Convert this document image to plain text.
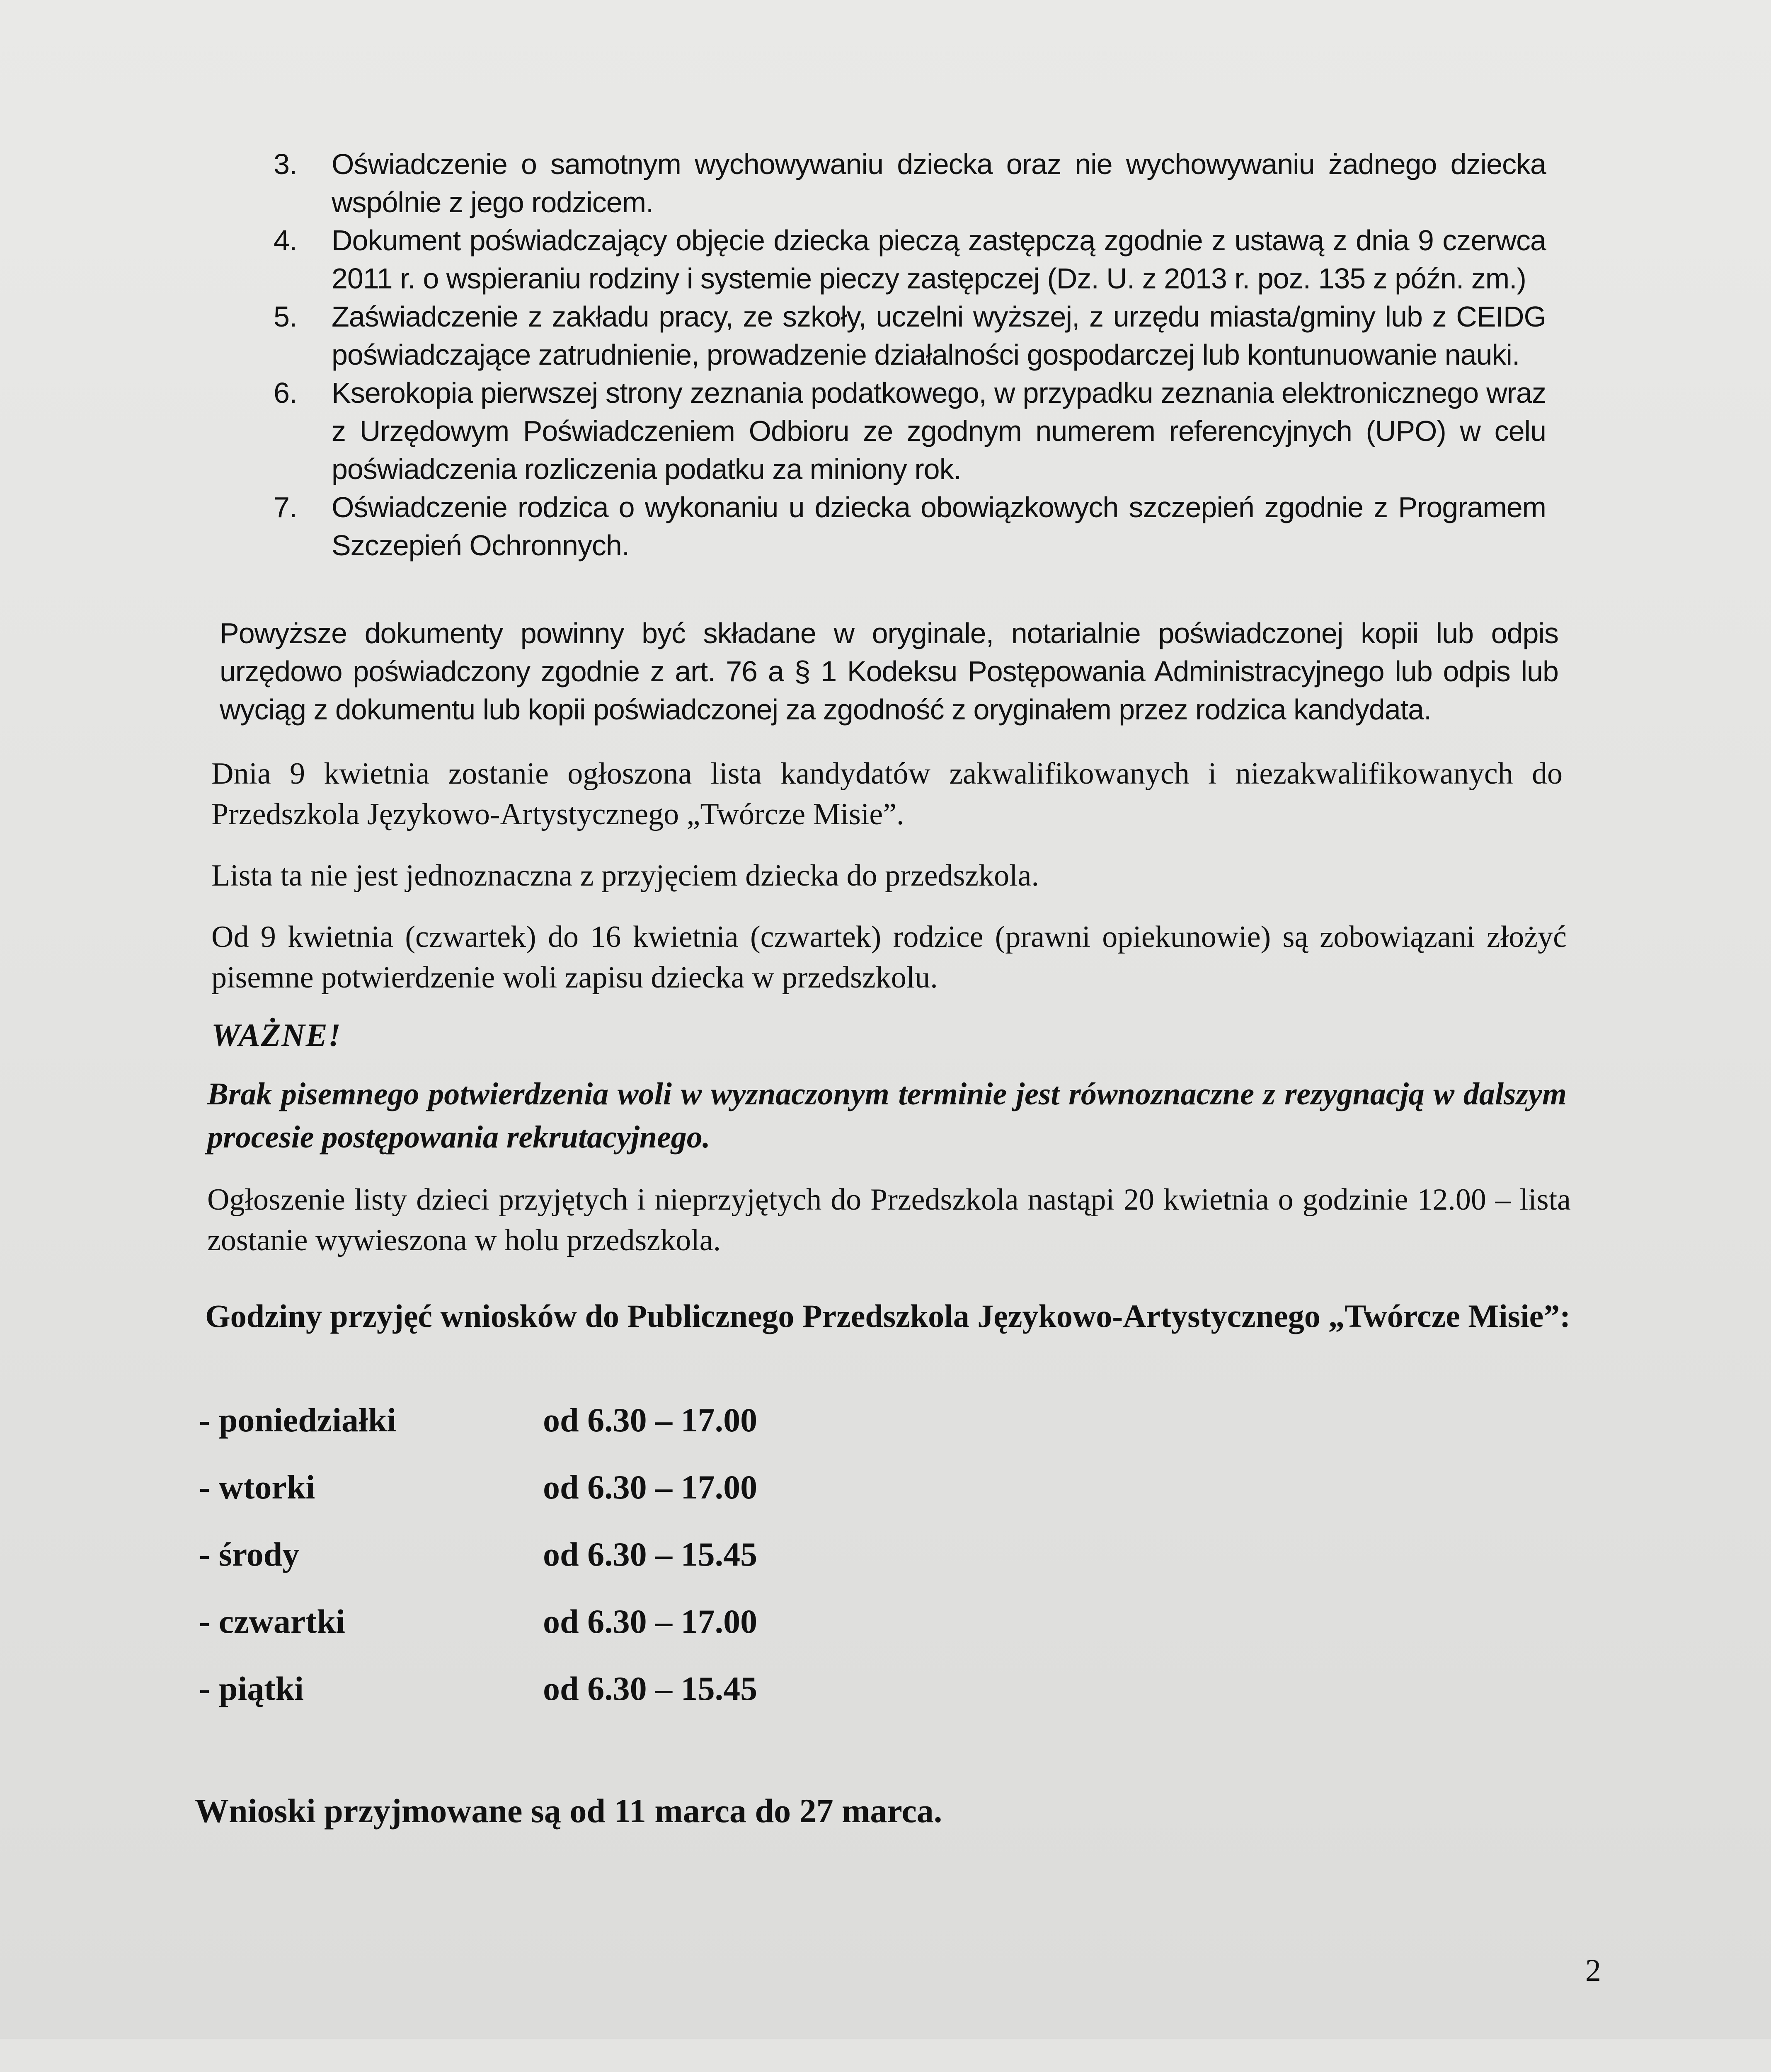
3.	Oświadczenie o samotnym wychowywaniu dziecka oraz nie wychowywaniu żadnego dziecka wspólnie z jego rodzicem.
4.	Dokument poświadczający objęcie dziecka pieczą zastępczą zgodnie z ustawą z dnia 9 czerwca 2011 r. o wspieraniu rodziny i systemie pieczy zastępczej (Dz. U. z 2013 r. poz. 135 z późn. zm.)
5.	Zaświadczenie z zakładu pracy, ze szkoły, uczelni wyższej, z urzędu miasta/gminy lub z CEIDG poświadczające zatrudnienie, prowadzenie działalności gospodarczej lub kontunuowanie nauki.
6.	Kserokopia pierwszej strony zeznania podatkowego, w przypadku zeznania elektronicznego wraz z Urzędowym Poświadczeniem Odbioru ze zgodnym numerem referencyjnych (UPO) w celu poświadczenia rozliczenia podatku za miniony rok.
7.	Oświadczenie rodzica o wykonaniu u dziecka obowiązkowych szczepień zgodnie z Programem Szczepień Ochronnych.

Powyższe dokumenty powinny być składane w oryginale, notarialnie poświadczonej kopii lub odpis urzędowo poświadczony zgodnie z art. 76 a § 1 Kodeksu Postępowania Administracyjnego lub odpis lub wyciąg z dokumentu lub kopii poświadczonej za zgodność z oryginałem przez rodzica kandydata.

Dnia 9 kwietnia zostanie ogłoszona lista kandydatów zakwalifikowanych i niezakwalifikowanych do Przedszkola Językowo-Artystycznego „Twórcze Misie”.

Lista ta nie jest jednoznaczna z przyjęciem dziecka do przedszkola.

Od 9 kwietnia (czwartek) do 16 kwietnia (czwartek) rodzice (prawni opiekunowie) są zobowiązani złożyć pisemne potwierdzenie woli zapisu dziecka w przedszkolu.

WAŻNE!

Brak pisemnego potwierdzenia woli w wyznaczonym terminie jest równoznaczne z rezygnacją w dalszym procesie postępowania rekrutacyjnego.

Ogłoszenie listy dzieci przyjętych i nieprzyjętych do Przedszkola nastąpi 20 kwietnia o godzinie 12.00 – lista zostanie wywieszona w holu przedszkola.

Godziny przyjęć wniosków do Publicznego Przedszkola Językowo-Artystycznego „Twórcze Misie”:

- poniedziałki	od 6.30 – 17.00
- wtorki	od 6.30 – 17.00
- środy	od 6.30 – 15.45
- czwartki	od 6.30 – 17.00
- piątki	od 6.30 – 15.45
Wnioski przyjmowane są od 11 marca do 27 marca.
2
